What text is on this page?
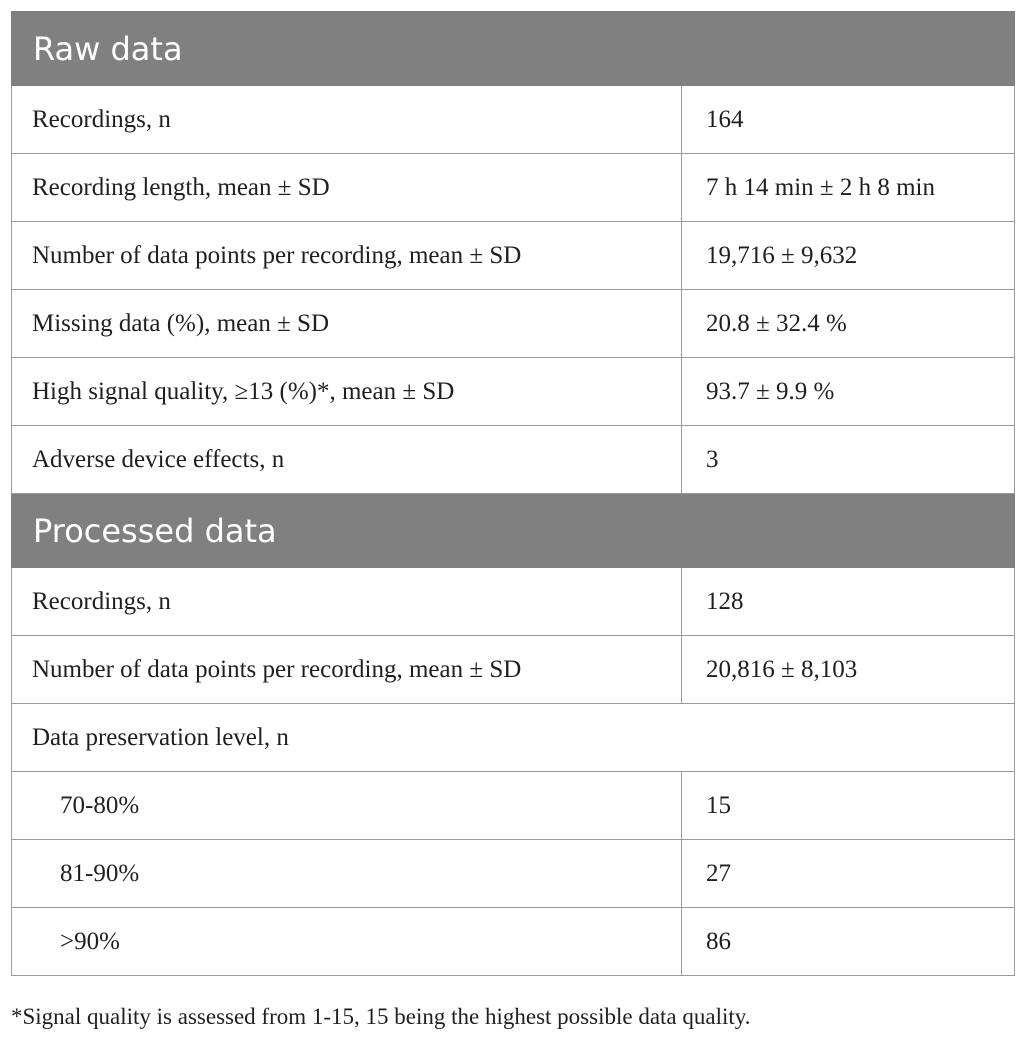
Raw data	
Recordings, n	164
Recording length, mean ± SD	7 h 14 min ± 2 h 8 min
Number of data points per recording, mean ± SD	19,716 ± 9,632
Missing data (%), mean ± SD	20.8 ± 32.4 %
High signal quality, ≥13 (%)*, mean ± SD	93.7 ± 9.9 %
Adverse device effects, n	3
Processed data	
Recordings, n	128
Number of data points per recording, mean ± SD	20,816 ± 8,103
Data preservation level, n	
70-80%	15
81-90%	27
>90%	86
*Signal quality is assessed from 1-15, 15 being the highest possible data quality.
